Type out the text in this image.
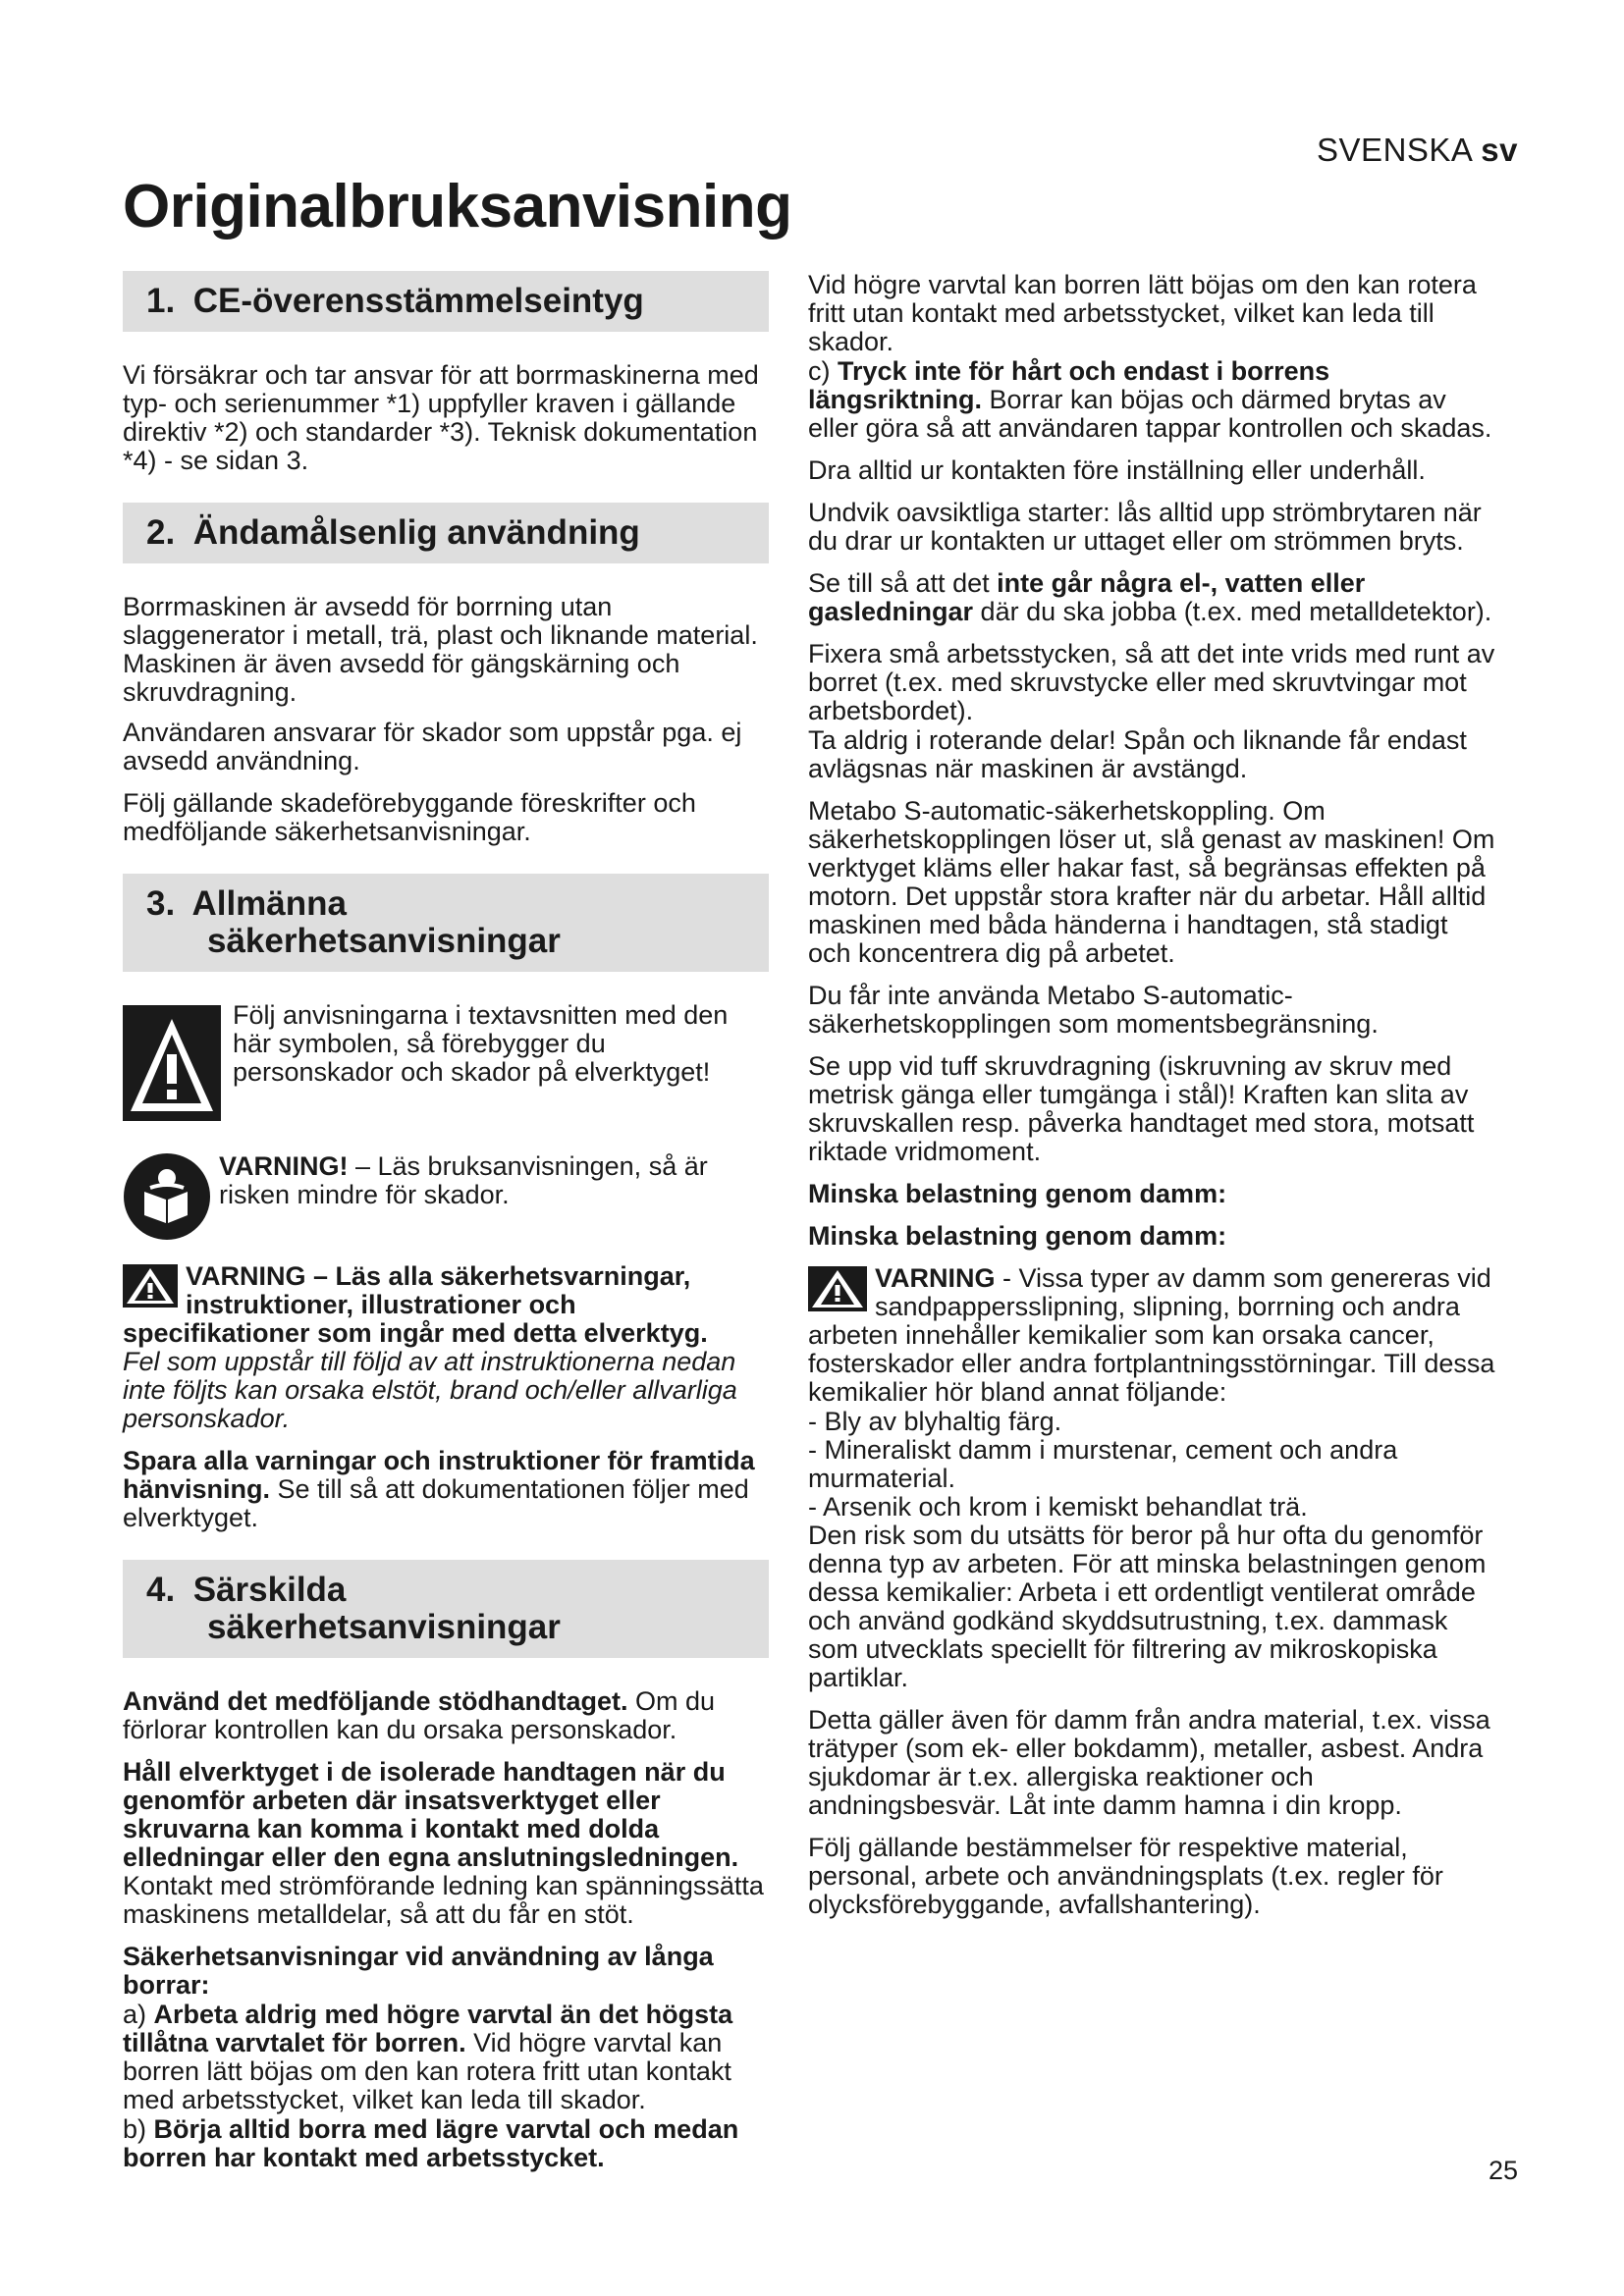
SVENSKA sv
Originalbruksanvisning
1. CE-överensstämmelseintyg

Vi försäkrar och tar ansvar för att borrmaskinerna med typ- och serienummer *1) uppfyller kraven i gällande direktiv *2) och standarder *3). Teknisk dokumentation *4) - se sidan 3.

2. Ändamålsenlig användning

Borrmaskinen är avsedd för borrning utan slaggenerator i metall, trä, plast och liknande material. Maskinen är även avsedd för gängskärning och skruvdragning.

Användaren ansvarar för skador som uppstår pga. ej avsedd användning.

Följ gällande skadeförebyggande föreskrifter och medföljande säkerhetsanvisningar.

3. Allmänna
säkerhetsanvisningar
Följ anvisningarna i textavsnitten med den här symbolen, så förebygger du personskador och skador på elverktyget!
VARNING! – Läs bruksanvisningen, så är risken mindre för skador.

VARNING – Läs alla säkerhetsvarningar, instruktioner, illustrationer och specifikationer som ingår med detta elverktyg.
Fel som uppstår till följd av att instruktionerna nedan inte följts kan orsaka elstöt, brand och/eller allvarliga personskador.

Spara alla varningar och instruktioner för framtida hänvisning. Se till så att dokumentationen följer med elverktyget.

4. Särskilda
säkerhetsanvisningar

Använd det medföljande stödhandtaget. Om du förlorar kontrollen kan du orsaka personskador.

Håll elverktyget i de isolerade handtagen när du genomför arbeten där insatsverktyget eller skruvarna kan komma i kontakt med dolda elledningar eller den egna anslutningsledningen. Kontakt med strömförande ledning kan spänningssätta maskinens metalldelar, så att du får en stöt.

Säkerhetsanvisningar vid användning av långa borrar:

a) Arbeta aldrig med högre varvtal än det högsta tillåtna varvtalet för borren. Vid högre varvtal kan borren lätt böjas om den kan rotera fritt utan kontakt med arbetsstycket, vilket kan leda till skador.

b) Börja alltid borra med lägre varvtal och medan borren har kontakt med arbetsstycket.

Vid högre varvtal kan borren lätt böjas om den kan rotera fritt utan kontakt med arbetsstycket, vilket kan leda till skador.

c) Tryck inte för hårt och endast i borrens längsriktning. Borrar kan böjas och därmed brytas av eller göra så att användaren tappar kontrollen och skadas.

Dra alltid ur kontakten före inställning eller underhåll.

Undvik oavsiktliga starter: lås alltid upp strömbrytaren när du drar ur kontakten ur uttaget eller om strömmen bryts.

Se till så att det inte går några el-, vatten eller gasledningar där du ska jobba (t.ex. med metalldetektor).

Fixera små arbetsstycken, så att det inte vrids med runt av borret (t.ex. med skruvstycke eller med skruvtvingar mot arbetsbordet).

Ta aldrig i roterande delar! Spån och liknande får endast avlägsnas när maskinen är avstängd.

Metabo S-automatic-säkerhetskoppling. Om säkerhetskopplingen löser ut, slå genast av maskinen! Om verktyget kläms eller hakar fast, så begränsas effekten på motorn. Det uppstår stora krafter när du arbetar. Håll alltid maskinen med båda händerna i handtagen, stå stadigt och koncentrera dig på arbetet.

Du får inte använda Metabo S-automatic-säkerhetskopplingen som momentsbegränsning.

Se upp vid tuff skruvdragning (iskruvning av skruv med metrisk gänga eller tumgänga i stål)! Kraften kan slita av skruvskallen resp. påverka handtaget med stora, motsatt riktade vridmoment.

Minska belastning genom damm:

Minska belastning genom damm:

VARNING - Vissa typer av damm som genereras vid sandpappersslipning, slipning, borrning och andra arbeten innehåller kemikalier som kan orsaka cancer, fosterskador eller andra fortplantningsstörningar. Till dessa kemikalier hör bland annat följande:

- Bly av blyhaltig färg.
- Mineraliskt damm i murstenar, cement och andra murmaterial.
- Arsenik och krom i kemiskt behandlat trä.

Den risk som du utsätts för beror på hur ofta du genomför denna typ av arbeten. För att minska belastningen genom dessa kemikalier: Arbeta i ett ordentligt ventilerat område och använd godkänd skyddsutrustning, t.ex. dammask som utvecklats speciellt för filtrering av mikroskopiska partiklar.

Detta gäller även för damm från andra material, t.ex. vissa trätyper (som ek- eller bokdamm), metaller, asbest. Andra sjukdomar är t.ex. allergiska reaktioner och andningsbesvär. Låt inte damm hamna i din kropp.

Följ gällande bestämmelser för respektive material, personal, arbete och användningsplats (t.ex. regler för olycksförebyggande, avfallshantering).

25
